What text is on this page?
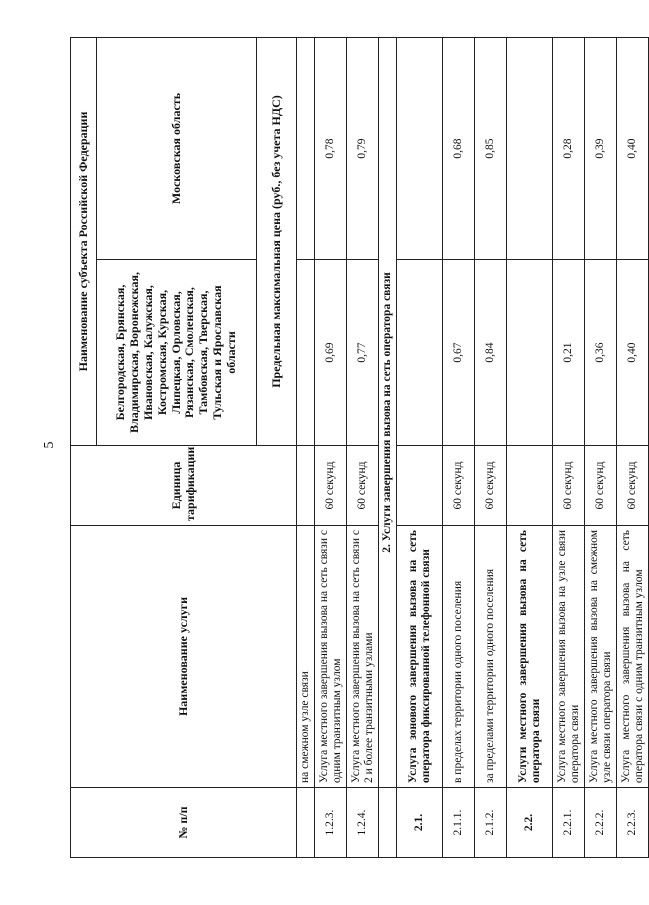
5
№ п/п	Наименование услуги	Единица тарификации	Наименование субъекта Российской Федерации	
			Белгородская, Брянская, Владимирская, Воронежская, Ивановская, Калужская, Костромская, Курская, Липецкая, Орловская, Рязанская, Смоленская, Тамбовская, Тверская, Тульская и Ярославская области	Московская область
			Предельная максимальная цена (руб., без учета НДС)	
	на смежном узле связи			
1.2.3.	Услуга местного завершения вызова на сеть связи с одним транзитным узлом	60 секунд	0,69	0,78
1.2.4.	Услуга местного завершения вызова на сеть связи с 2 и более транзитными узлами	60 секунд	0,77	0,79
	2. Услуги завершения вызова на сеть оператора связи			
2.1.	Услуга зонового завершения вызова на сеть оператора фиксированной телефонной связи			
2.1.1.	в пределах территории одного поселения	60 секунд	0,67	0,68
2.1.2.	за пределами территории одного поселения	60 секунд	0,84	0,85
2.2.	Услуги местного завершения вызова на сеть оператора связи			
2.2.1.	Услуга местного завершения вызова на узле связи оператора связи	60 секунд	0,21	0,28
2.2.2.	Услуга местного завершения вызова на смежном узле связи оператора связи	60 секунд	0,36	0,39
2.2.3.	Услуга местного завершения вызова на сеть оператора связи с одним транзитным узлом	60 секунд	0,40	0,40
